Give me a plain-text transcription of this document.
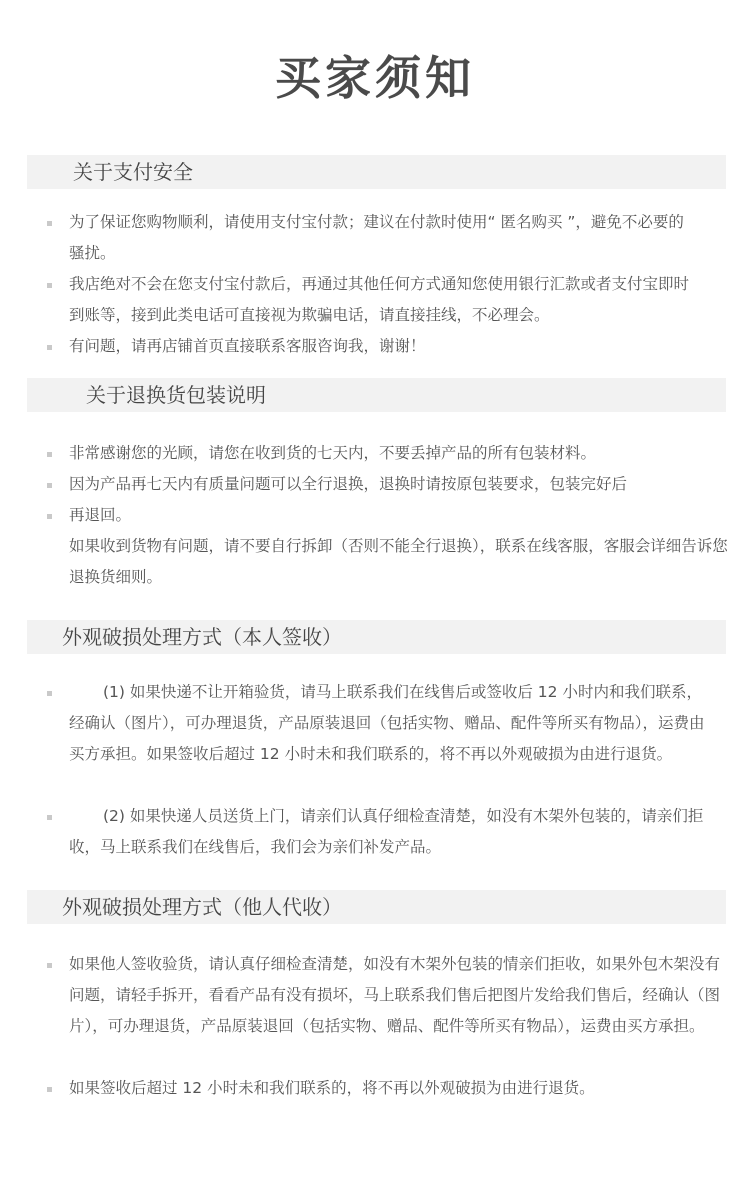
买家须知
关于支付安全

为了保证您购物顺利，请使用支付宝付款；建议在付款时使用“ 匿名购买 ”，避免不必要的骚扰。

我店绝对不会在您支付宝付款后，再通过其他任何方式通知您使用银行汇款或者支付宝即时到账等，接到此类电话可直接视为欺骗电话，请直接挂线，不必理会。

有问题，请再店铺首页直接联系客服咨询我，谢谢！

关于退换货包装说明

非常感谢您的光顾，请您在收到货的七天内，不要丢掉产品的所有包装材料。

因为产品再七天内有质量问题可以全行退换，退换时请按原包装要求，包装完好后

再退回。

如果收到货物有问题，请不要自行拆卸（否则不能全行退换），联系在线客服，客服会详细告诉您退换货细则。

外观破损处理方式（本人签收）

(1) 如果快递不让开箱验货，请马上联系我们在线售后或签收后 12 小时内和我们联系，经确认（图片），可办理退货，产品原装退回（包括实物、赠品、配件等所买有物品），运费由买方承担。如果签收后超过 12 小时未和我们联系的，将不再以外观破损为由进行退货。

(2) 如果快递人员送货上门，请亲们认真仔细检查清楚，如没有木架外包装的，请亲们拒收，马上联系我们在线售后，我们会为亲们补发产品。

外观破损处理方式（他人代收）

如果他人签收验货，请认真仔细检查清楚，如没有木架外包装的情亲们拒收，如果外包木架没有问题，请轻手拆开，看看产品有没有损坏，马上联系我们售后把图片发给我们售后，经确认（图片），可办理退货，产品原装退回（包括实物、赠品、配件等所买有物品），运费由买方承担。

如果签收后超过 12 小时未和我们联系的，将不再以外观破损为由进行退货。
